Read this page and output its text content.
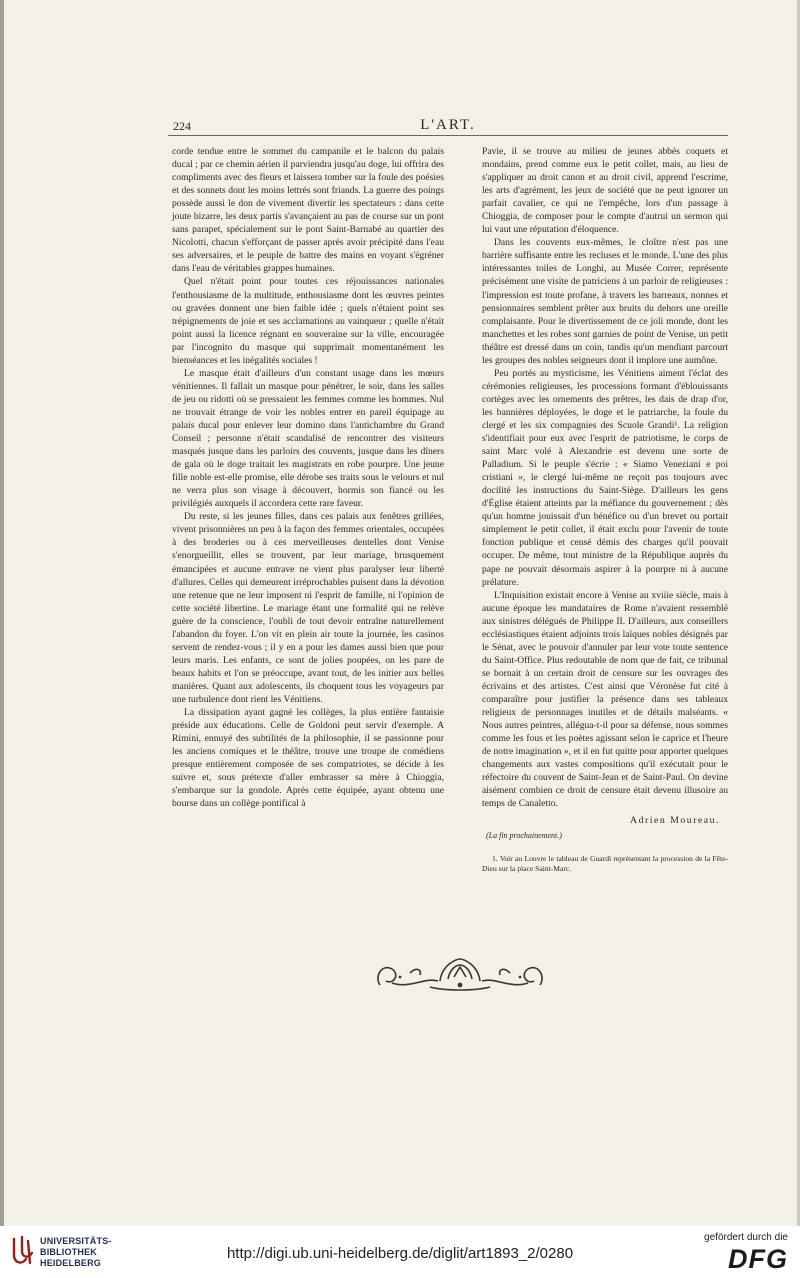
224	L'ART.

corde tendue entre le sommet du campanile et le balcon du palais ducal ; par ce chemin aérien il parviendra jusqu'au doge, lui offrira des compliments avec des fleurs et laissera tomber sur la foule des poésies et des sonnets dont les moins lettrés sont friands. La guerre des poings possède aussi le don de vivement divertir les spectateurs : dans cette joute bizarre, les deux partis s'avançaient au pas de course sur un pont sans parapet, spécialement sur le pont Saint-Barnabé au quartier des Nicolotti, chacun s'efforçant de passer après avoir précipité dans l'eau ses adversaires, et le peuple de battre des mains en voyant s'égréner dans l'eau de véritables grappes humaines.

Quel n'était point pour toutes ces réjouissances nationales l'enthousiasme de la multitude, enthousiasme dont les œuvres peintes ou gravées donnent une bien faible idée ; quels n'étaient point ses trépignements de joie et ses acclamations au vainqueur ; quelle n'était point aussi la licence régnant en souveraine sur la ville, encouragée par l'incognito du masque qui supprimait momentanément les bienséances et les inégalités sociales !

Le masque était d'ailleurs d'un constant usage dans les mœurs vénitiennes. Il fallait un masque pour pénétrer, le soir, dans les salles de jeu ou ridotti où se pressaient les femmes comme les hommes. Nul ne trouvait étrange de voir les nobles entrer en pareil équipage au palais ducal pour enlever leur domino dans l'antichambre du Grand Conseil ; personne n'était scandalisé de rencontrer des visiteurs masqués jusque dans les parloirs des couvents, jusque dans les dîners de gala où le doge traitait les magistrats en robe pourpre. Une jeune fille noble est-elle promise, elle dérobe ses traits sous le velours et nul ne verra plus son visage à découvert, hormis son fiancé ou les privilégiés auxquels il accordera cette rare faveur.

Du reste, si les jeunes filles, dans ces palais aux fenêtres grillées, vivent prisonnières un peu à la façon des femmes orientales, occupées à des broderies ou à ces merveilleuses dentelles dont Venise s'enorgueillit, elles se trouvent, par leur mariage, brusquement émancipées et aucune entrave ne vient plus paralyser leur liberté d'allures. Celles qui demeurent irréprochables puisent dans la dévotion une retenue que ne leur imposent ni l'esprit de famille, ni l'opinion de cette société libertine. Le mariage étant une formalité qui ne relève guère de la conscience, l'oubli de tout devoir entraîne naturellement l'abandon du foyer. L'on vit en plein air toute la journée, les casinos servent de rendez-vous ; il y en a pour les dames aussi bien que pour leurs maris. Les enfants, ce sont de jolies poupées, on les pare de beaux habits et l'on se préoccupe, avant tout, de les initier aux belles manières. Quant aux adolescents, ils choquent tous les voyageurs par une turbulence dont rient les Vénitiens.

La dissipation ayant gagné les collèges, la plus entière fantaisie préside aux éducations. Celle de Goldoni peut servir d'exemple. A Rimini, ennuyé des subtilités de la philosophie, il se passionne pour les anciens comiques et le théâtre, trouve une troupe de comédiens presque entièrement composée de ses compatriotes, se décide à les suivre et, sous prétexte d'aller embrasser sa mère à Chioggia, s'embarque sur la gondole. Après cette équipée, ayant obtenu une bourse dans un collège pontifical à

Pavie, il se trouve au milieu de jeunes abbés coquets et mondains, prend comme eux le petit collet, mais, au lieu de s'appliquer au droit canon et au droit civil, apprend l'escrime, les arts d'agrément, les jeux de société que ne peut ignorer un parfait cavalier, ce qui ne l'empêche, lors d'un passage à Chioggia, de composer pour le compte d'autrui un sermon qui lui vaut une réputation d'éloquence.

Dans les couvents eux-mêmes, le cloître n'est pas une barrière suffisante entre les recluses et le monde. L'une des plus intéressantes toiles de Longhi, au Musée Correr, représente précisément une visite de patriciens à un parloir de religieuses : l'impression est toute profane, à travers les barreaux, nonnes et pensionnaires semblent prêter aux bruits du dehors une oreille complaisante. Pour le divertissement de ce joli monde, dont les manchettes et les robes sont garnies de point de Venise, un petit théâtre est dressé dans un coin, tandis qu'un mendiant parcourt les groupes des nobles seigneurs dont il implore une aumône.

Peu portés au mysticisme, les Vénitiens aiment l'éclat des cérémonies religieuses, les processions formant d'éblouissants cortèges avec les ornements des prêtres, les dais de drap d'or, les bannières déployées, le doge et le patriarche, la foule du clergé et les six compagnies des Scuole Grandi¹. La religion s'identifiait pour eux avec l'esprit de patriotisme, le corps de saint Marc volé à Alexandrie est devenu une sorte de Palladium. Si le peuple s'écrie : « Siamo Veneziani e poi cristiani », le clergé lui-même ne reçoit pas toujours avec docilité les instructions du Saint-Siège. D'ailleurs les gens d'Église étaient atteints par la méfiance du gouvernement ; dès qu'un homme jouissait d'un bénéfice ou d'un brevet ou portait simplement le petit collet, il était exclu pour l'avenir de toute fonction publique et censé démis des charges qu'il pouvait occuper. De même, tout ministre de la République auprès du pape ne pouvait désormais aspirer à la pourpre ni à aucune prélature.

L'Inquisition existait encore à Venise au xviiie siècle, mais à aucune époque les mandataires de Rome n'avaient ressemblé aux sinistres délégués de Philippe II. D'ailleurs, aux conseillers ecclésiastiques étaient adjoints trois laïques nobles désignés par le Sénat, avec le pouvoir d'annuler par leur vote toute sentence du Saint-Office. Plus redoutable de nom que de fait, ce tribunal se bornait à un certain droit de censure sur les ouvrages des écrivains et des artistes. C'est ainsi que Véronèse fut cité à comparaître pour justifier la présence dans ses tableaux religieux de personnages inutiles et de détails malséants. « Nous autres peintres, allégua-t-il pour sa défense, nous sommes comme les fous et les poètes agissant selon le caprice et l'heure de notre imagination », et il en fut quitte pour apporter quelques changements aux vastes compositions qu'il exécutait pour le réfectoire du couvent de Saint-Jean et de Saint-Paul. On devine aisément combien ce droit de censure était devenu illusoire au temps de Canaletto.

Adrien Moureau.
(La fin prochainement.)
1. Voir au Louvre le tableau de Guardi représentant la procession de la Fête-Dieu sur la place Saint-Marc.
UNIVERSITÄTS-
BIBLIOTHEK
HEIDELBERG
http://digi.ub.uni-heidelberg.de/diglit/art1893_2/0280
gefördert durch die
DFG
